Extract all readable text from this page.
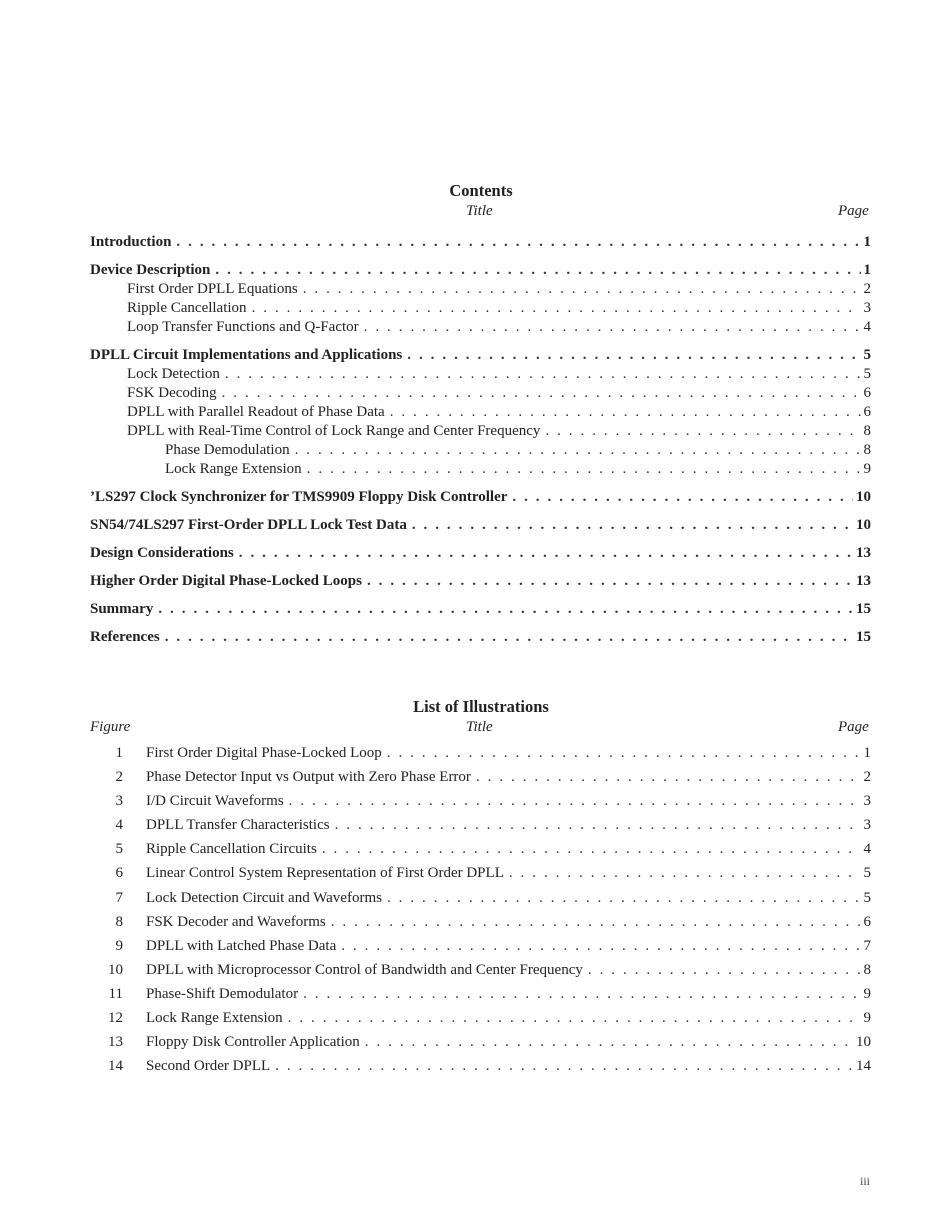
Contents
Title	Page
Introduction . . .	1
Device Description . . .	1
First Order DPLL Equations . . .	2
Ripple Cancellation . . .	3
Loop Transfer Functions and Q-Factor . . .	4
DPLL Circuit Implementations and Applications . . .	5
Lock Detection . . .	5
FSK Decoding . . .	6
DPLL with Parallel Readout of Phase Data . . .	6
DPLL with Real-Time Control of Lock Range and Center Frequency . . .	8
Phase Demodulation . . .	8
Lock Range Extension . . .	9
’LS297 Clock Synchronizer for TMS9909 Floppy Disk Controller . . .	10
SN54/74LS297 First-Order DPLL Lock Test Data . . .	10
Design Considerations . . .	13
Higher Order Digital Phase-Locked Loops . . .	13
Summary . . .	15
References . . .	15
List of Illustrations
Figure	Title	Page
1	First Order Digital Phase-Locked Loop . . .	1
2	Phase Detector Input vs Output with Zero Phase Error . . .	2
3	I/D Circuit Waveforms . . .	3
4	DPLL Transfer Characteristics . . .	3
5	Ripple Cancellation Circuits . . .	4
6	Linear Control System Representation of First Order DPLL . . .	5
7	Lock Detection Circuit and Waveforms . . .	5
8	FSK Decoder and Waveforms . . .	6
9	DPLL with Latched Phase Data . . .	7
10	DPLL with Microprocessor Control of Bandwidth and Center Frequency . . .	8
11	Phase-Shift Demodulator . . .	9
12	Lock Range Extension . . .	9
13	Floppy Disk Controller Application . . .	10
14	Second Order DPLL . . .	14
iii
